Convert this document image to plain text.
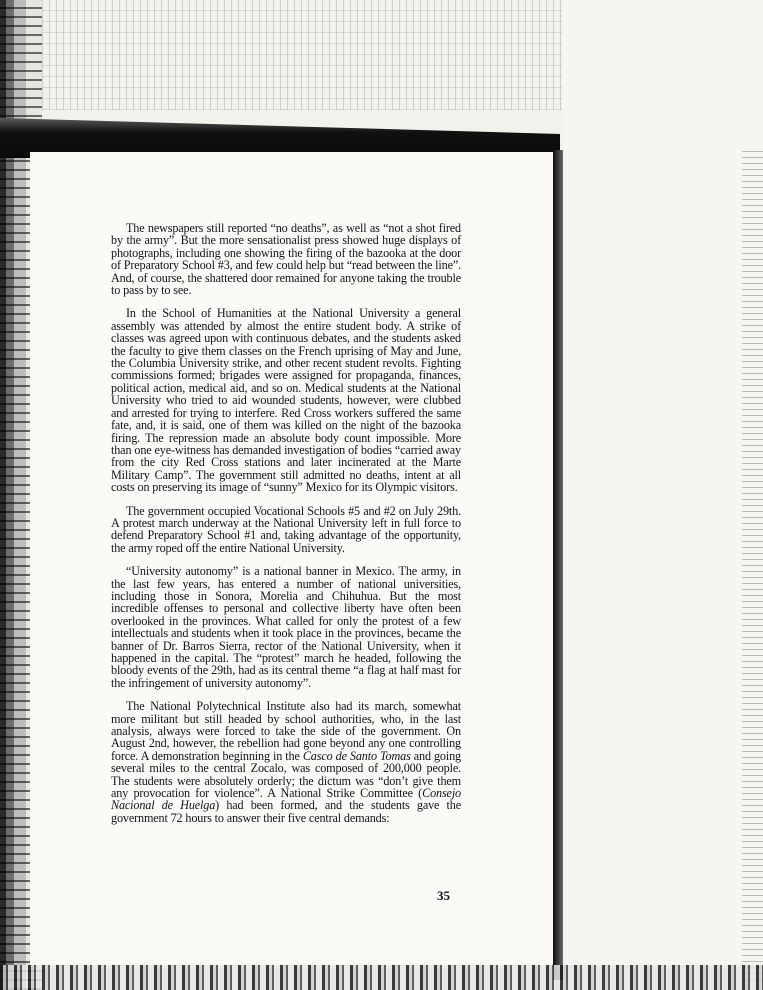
The newspapers still reported “no deaths”, as well as “not a shot fired by the army”. But the more sensationalist press showed huge displays of photographs, including one showing the firing of the bazooka at the door of Preparatory School #3, and few could help but “read between the line”. And, of course, the shattered door remained for anyone taking the trouble to pass by to see.

In the School of Humanities at the National University a general assembly was attended by almost the entire student body. A strike of classes was agreed upon with continuous debates, and the students asked the faculty to give them classes on the French uprising of May and June, the Columbia University strike, and other recent student revolts. Fighting commissions formed; brigades were assigned for propaganda, finances, political action, medical aid, and so on. Medical students at the National University who tried to aid wounded students, however, were clubbed and arrested for trying to interfere. Red Cross workers suffered the same fate, and, it is said, one of them was killed on the night of the bazooka firing. The repression made an absolute body count impossible. More than one eye-witness has demanded investigation of bodies “carried away from the city Red Cross stations and later incinerated at the Marte Military Camp”. The government still admitted no deaths, intent at all costs on preserving its image of “sunny” Mexico for its Olympic visitors.

The government occupied Vocational Schools #5 and #2 on July 29th. A protest march underway at the National University left in full force to defend Preparatory School #1 and, taking advantage of the opportunity, the army roped off the entire National University.

“University autonomy” is a national banner in Mexico. The army, in the last few years, has entered a number of national universities, including those in Sonora, Morelia and Chihuhua. But the most incredible offenses to personal and collective liberty have often been overlooked in the provinces. What called for only the protest of a few intellectuals and students when it took place in the provinces, became the banner of Dr. Barros Sierra, rector of the National University, when it happened in the capital. The “protest” march he headed, following the bloody events of the 29th, had as its central theme “a flag at half mast for the infringement of university autonomy”.

The National Polytechnical Institute also had its march, somewhat more militant but still headed by school authorities, who, in the last analysis, always were forced to take the side of the government. On August 2nd, however, the rebellion had gone beyond any one controlling force. A demonstration beginning in the Casco de Santo Tomas and going several miles to the central Zocalo, was composed of 200,000 people. The students were absolutely orderly; the dictum was “don’t give them any provocation for violence”. A National Strike Committee (Consejo Nacional de Huelga) had been formed, and the students gave the government 72 hours to answer their five central demands:

35
